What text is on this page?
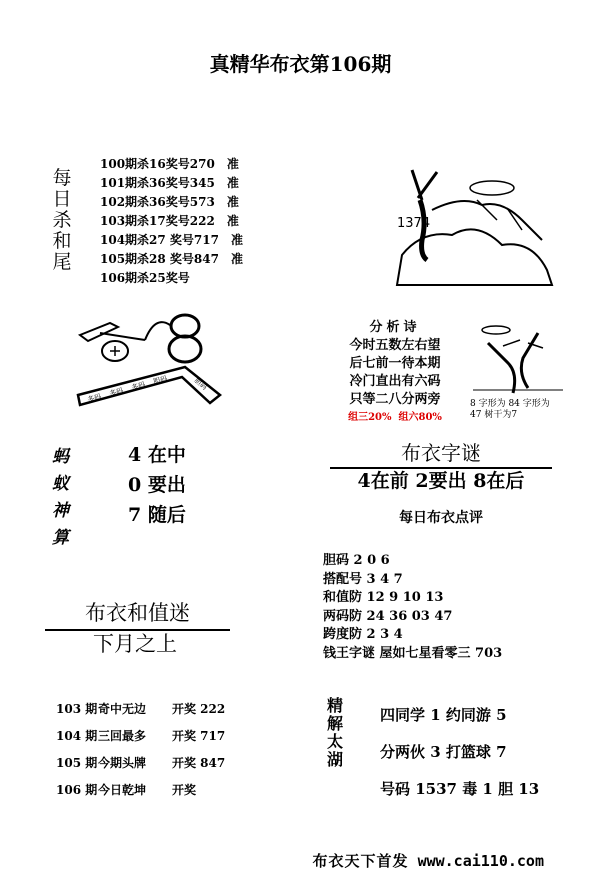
真精华布衣第106期
每
日
杀
和
尾
100期杀16奖号270 准
101期杀36奖号345 准
102期杀36奖号573 准
103期杀17奖号222 准
104期杀27 奖号717 准
105期杀28 奖号847 准
106期杀25奖号
1374
多码
多码
多码
胆码	胆码
分析诗
今时五数左右望
后七前一待本期
冷门直出有六码
只等二八分两旁
组三20% 组六80%
8 字形为 84 字形为
47 树干为7
蚂
蚁
神
算
4 在中
0 要出
7 随后
布衣字谜
4在前 2要出 8在后
每日布衣点评
胆码 2 0 6
搭配号 3 4 7
和值防 12 9 10 13
两码防 24 36 03 47
跨度防 2 3 4
钱王字谜 屋如七星看零三 703
布衣和值迷
下月之上
103 期奇中无边 开奖 222
104 期三回最多 开奖 717
105 期今期头牌 开奖 847
106 期今日乾坤 开奖
精
解
太
湖
四同学 1 约同游 5
分两伙 3 打篮球 7
号码 1537 毒 1 胆 13
布衣天下首发 www.cai110.com
